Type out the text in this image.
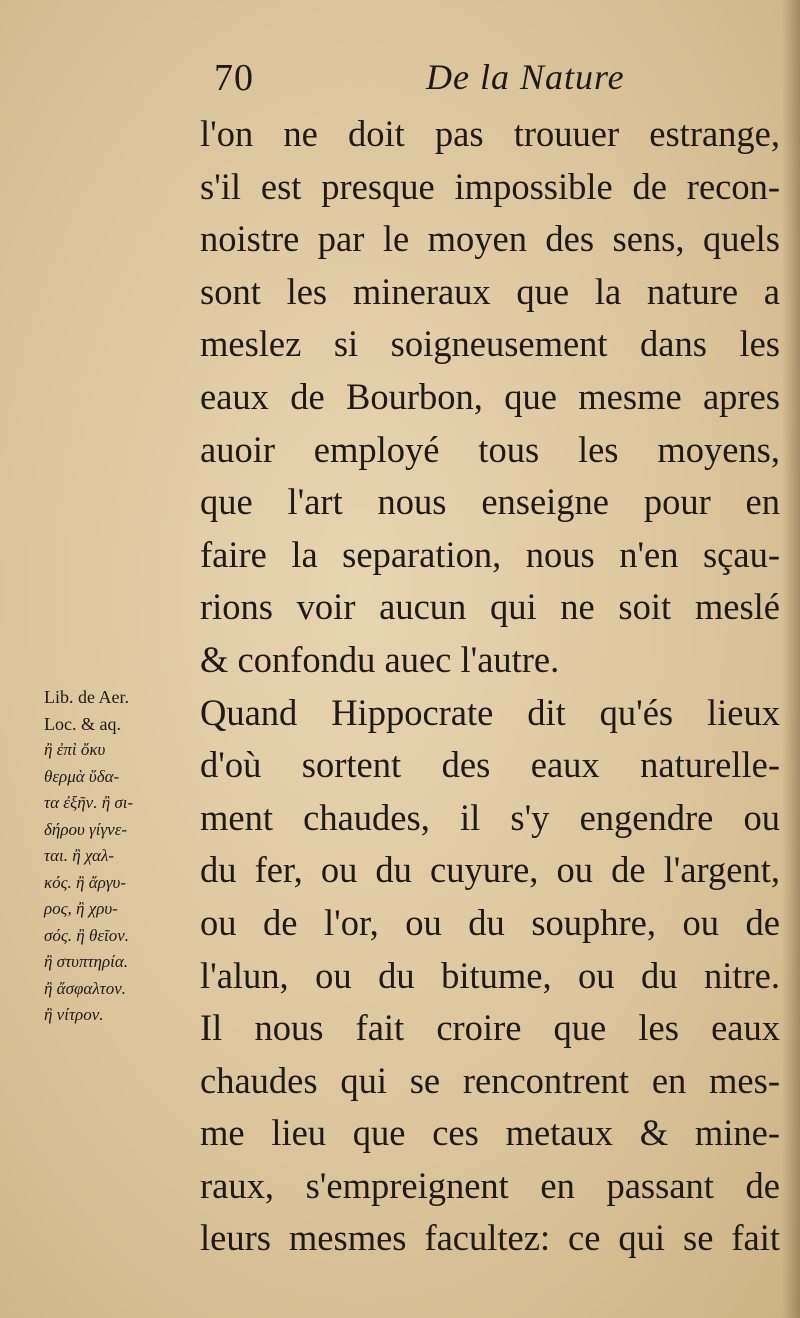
70	De la Nature
Lib. de Aer.
Loc. & aq.
ἢ ἐπὶ ὄκυ
θερμὰ ὕδα-
τα ἐξῆν. ἢ σι-
δήρου γίγνε-
ται. ἢ χαλ-
κός. ἢ ἄργυ-
ρος, ἢ χρυ-
σός. ἢ θεῖον.
ἢ στυπτηρία.
ἢ ἄσφαλτον.
ἢ νίτρον.
l'on ne doit pas trouuer estrange,
s'il est presque impossible de recon-
noistre par le moyen des sens, quels
sont les mineraux que la nature a
meslez si soigneusement dans les
eaux de Bourbon, que mesme apres
auoir employé tous les moyens,
que l'art nous enseigne pour en
faire la separation, nous n'en sçau-
rions voir aucun qui ne soit meslé
& confondu auec l'autre.
Quand Hippocrate dit qu'és lieux
d'où sortent des eaux naturelle-
ment chaudes, il s'y engendre ou
du fer, ou du cuyure, ou de l'argent,
ou de l'or, ou du souphre, ou de
l'alun, ou du bitume, ou du nitre.
Il nous fait croire que les eaux
chaudes qui se rencontrent en mes-
me lieu que ces metaux & mine-
raux, s'empreignent en passant de
leurs mesmes facultez: ce qui se fait
